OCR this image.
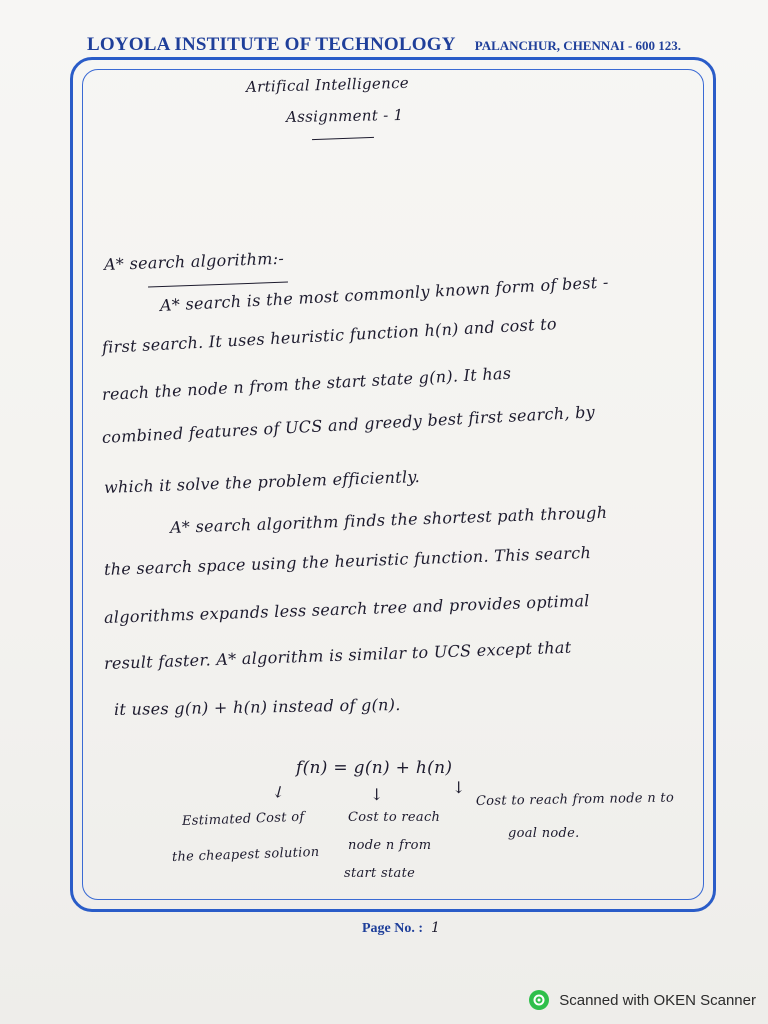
LOYOLA INSTITUTE OF TECHNOLOGY PALANCHUR, CHENNAI - 600 123.
Artifical Intelligence
Assignment - 1
A* search algorithm:-
A* search is the most commonly known form of best -
first search. It uses heuristic function h(n) and cost to
reach the node n from the start state g(n). It has
combined features of UCS and greedy best first search, by
which it solve the problem efficiently.
A* search algorithm finds the shortest path through
the search space using the heuristic function. This search
algorithms expands less search tree and provides optimal
result faster. A* algorithm is similar to UCS except that
it uses g(n) + h(n) instead of g(n).
f(n) = g(n) + h(n)
↙	↓	↓
Estimated Cost of
the cheapest solution
Cost to reach
node n from
start state
Cost to reach from node n to
goal node.
Page No. : 1
Scanned with OKEN Scanner
